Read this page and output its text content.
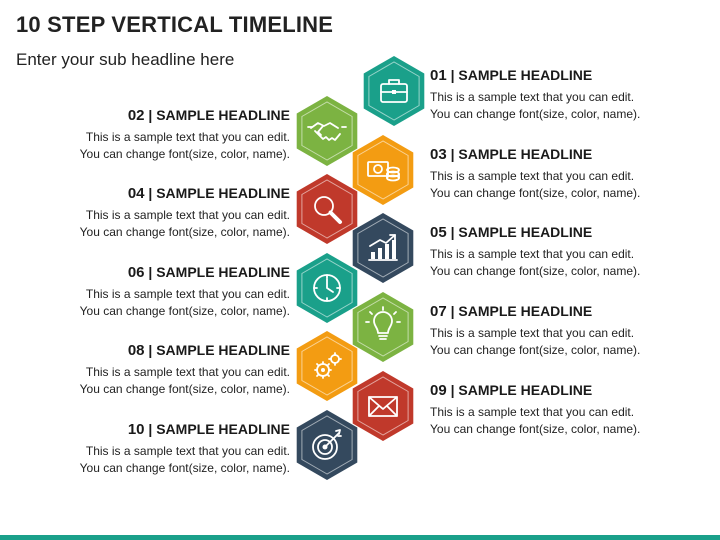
10 STEP VERTICAL TIMELINE
Enter your sub headline here
01 | SAMPLE HEADLINE
This is a sample text that you can edit.
You can change font(size, color, name).
02 | SAMPLE HEADLINE
This is a sample text that you can edit.
You can change font(size, color, name).	03 | SAMPLE HEADLINE
This is a sample text that you can edit.
You can change font(size, color, name).
04 | SAMPLE HEADLINE
This is a sample text that you can edit.
You can change font(size, color, name).	05 | SAMPLE HEADLINE
This is a sample text that you can edit.
You can change font(size, color, name).
06 | SAMPLE HEADLINE
This is a sample text that you can edit.
You can change font(size, color, name).	07 | SAMPLE HEADLINE
This is a sample text that you can edit.
You can change font(size, color, name).
08 | SAMPLE HEADLINE
This is a sample text that you can edit.
You can change font(size, color, name).	09 | SAMPLE HEADLINE
This is a sample text that you can edit.
You can change font(size, color, name).
10 | SAMPLE HEADLINE
This is a sample text that you can edit.
You can change font(size, color, name).
